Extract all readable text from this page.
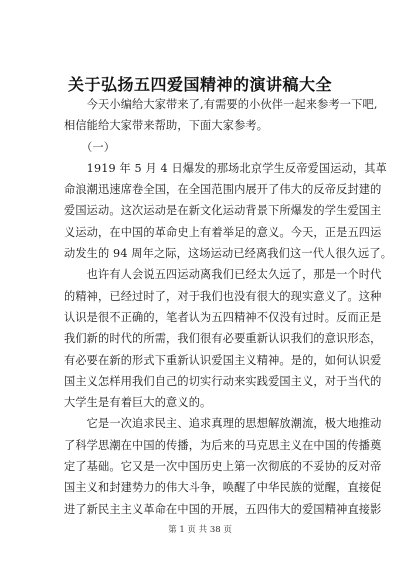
关于弘扬五四爱国精神的演讲稿大全
　　今天小编给大家带来了,有需要的小伙伴一起来参考一下吧,
相信能给大家带来帮助，下面大家参考。
　　（一）
　　1919 年 5 月 4 日爆发的那场北京学生反帝爱国运动，其革
命浪潮迅速席卷全国，在全国范围内展开了伟大的反帝反封建的
爱国运动。这次运动是在新文化运动背景下所爆发的学生爱国主
义运动，在中国的革命史上有着举足的意义。今天，正是五四运
动发生的 94 周年之际，这场运动已经离我们这一代人很久远了。
　　也许有人会说五四运动离我们已经太久远了，那是一个时代
的精神，已经过时了，对于我们也没有很大的现实意义了。这种
认识是很不正确的，笔者认为五四精神不仅没有过时。反而正是
我们新的时代的所需，我们很有必要重新认识我们的意识形态，
有必要在新的形式下重新认识爱国主义精神。是的，如何认识爱
国主义怎样用我们自己的切实行动来实践爱国主义，对于当代的
大学生是有着巨大的意义的。
　　它是一次追求民主、追求真理的思想解放潮流，极大地推动
了科学思潮在中国的传播，为后来的马克思主义在中国的传播奠
定了基础。它又是一次中国历史上第一次彻底的不妥协的反对帝
国主义和封建势力的伟大斗争，唤醒了中华民族的觉醒，直接促
进了新民主主义革命在中国的开展，五四伟大的爱国精神直接影
第 1 页 共 38 页
